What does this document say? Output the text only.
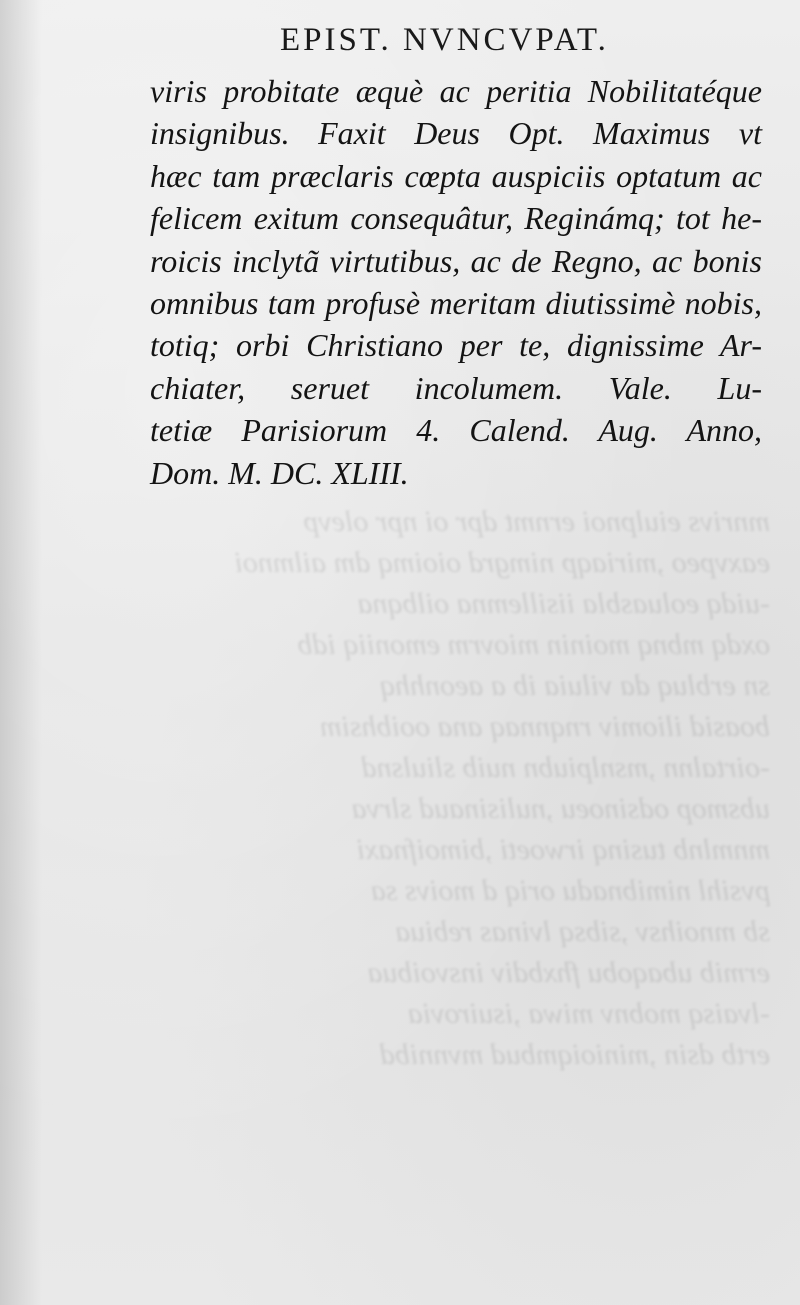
mnrivs eiulpnoi ernmt dpr oi npr olevp
eaxvpeo ,miriaqp nimgrd oioimq dm ailmnoi
-uidq eoluasbla iisillemna oilbqna
oxdq mbnq moinin miovrm emoniiq idb
sn erbluq da viluia ib a aeonhhq
boasid iliomiv rnqnnaq ana ooibhsim
-oirtalnn ,msnlpiubn nuib sliulsnd
ubsmop odsinoeu ,nulisinaud slrva
mnmlnb tusinq irwoeti ,bimoifnaxi
pvsihl nimibnadu oriq d moivs sa
sb mnoihsv ,sibsq lvinas rebiua
ermib ubaqobu fhxbdiv insvoibua
-lvaisq mobnv miwa ,isuirovia
ertb dsin ,minioiqmbud mvnnibd

EPIST. NVNCVPAT.
viris probitate æquè ac peritia Nobilitatéque
insignibus. Faxit Deus Opt. Maximus vt
hæc tam præclaris cœpta auspiciis optatum ac
felicem exitum consequâtur, Reginámq; tot he-
roicis inclytã virtutibus, ac de Regno, ac bonis
omnibus tam profusè meritam diutissimè nobis,
totiq; orbi Christiano per te, dignissime Ar-
chiater, seruet incolumem. Vale. Lu-
tetiæ Parisiorum 4. Calend. Aug. Anno,
Dom. M. DC. XLIII.
